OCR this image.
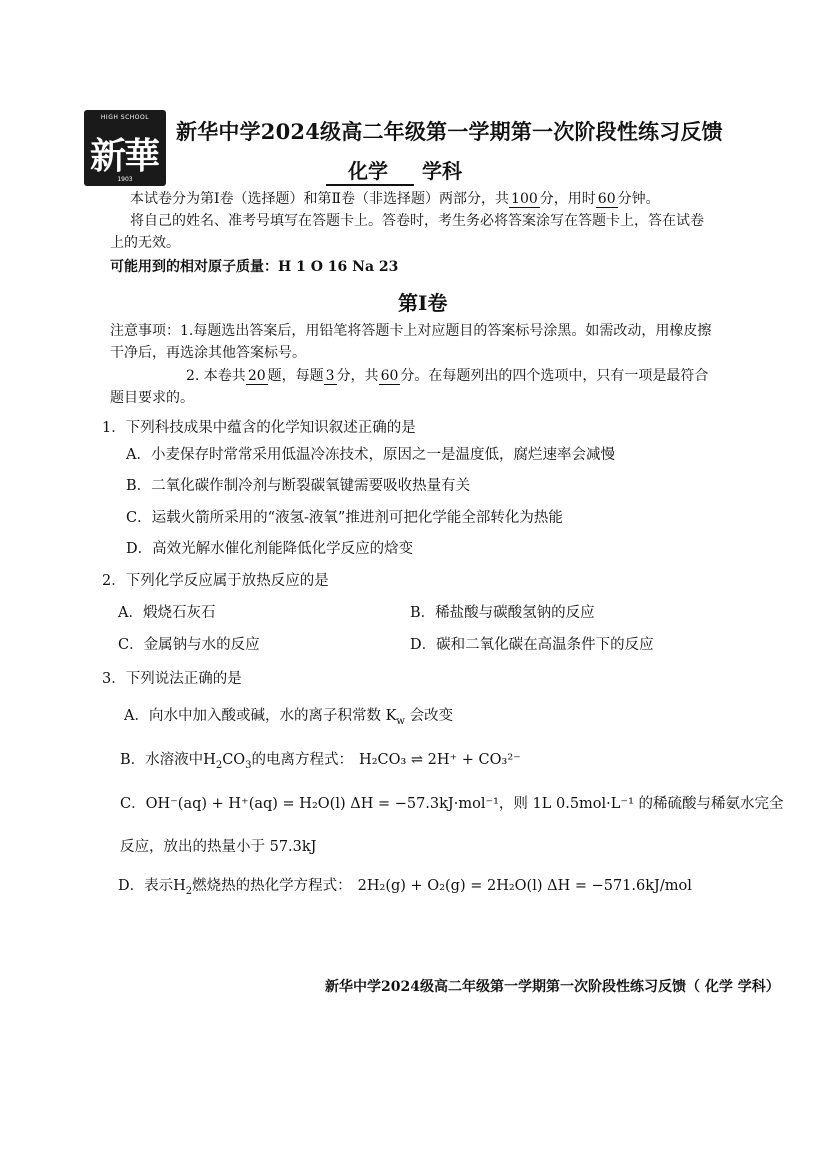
HIGH SCHOOL
新華
1903
新华中学2024级高二年级第一学期第一次阶段性练习反馈
化学 学科
本试卷分为第Ⅰ卷（选择题）和第Ⅱ卷（非选择题）两部分，共 100 分，用时 60 分钟。
将自己的姓名、准考号填写在答题卡上。答卷时，考生务必将答案涂写在答题卡上，答在试卷
上的无效。
可能用到的相对原子质量：H 1 O 16 Na 23
第Ⅰ卷
注意事项：1.每题选出答案后，用铅笔将答题卡上对应题目的答案标号涂黑。如需改动，用橡皮擦
干净后，再选涂其他答案标号。
2. 本卷共 20 题，每题 3 分，共 60 分。在每题列出的四个选项中，只有一项是最符合
题目要求的。
1．下列科技成果中蕴含的化学知识叙述正确的是
A．小麦保存时常常采用低温冷冻技术，原因之一是温度低，腐烂速率会减慢
B．二氧化碳作制冷剂与断裂碳氧键需要吸收热量有关
C．运载火箭所采用的“液氢-液氧”推进剂可把化学能全部转化为热能
D．高效光解水催化剂能降低化学反应的焓变
2．下列化学反应属于放热反应的是
A．煅烧石灰石	B．稀盐酸与碳酸氢钠的反应
C．金属钠与水的反应	D．碳和二氧化碳在高温条件下的反应
3．下列说法正确的是
A．向水中加入酸或碱，水的离子积常数 $K_w$ 会改变
B．水溶液中$H_2CO_3$的电离方程式： H₂CO₃ ⇌ 2H⁺ + CO₃²⁻
C．OH⁻(aq) + H⁺(aq) = H₂O(l) ΔH = −57.3kJ·mol⁻¹，则 1L 0.5mol·L⁻¹ 的稀硫酸与稀氨水完全
反应，放出的热量小于 57.3kJ
D．表示$H_2$燃烧热的热化学方程式： 2H₂(g) + O₂(g) = 2H₂O(l) ΔH = −571.6kJ/mol
新华中学2024级高二年级第一学期第一次阶段性练习反馈（ 化学 学科）
